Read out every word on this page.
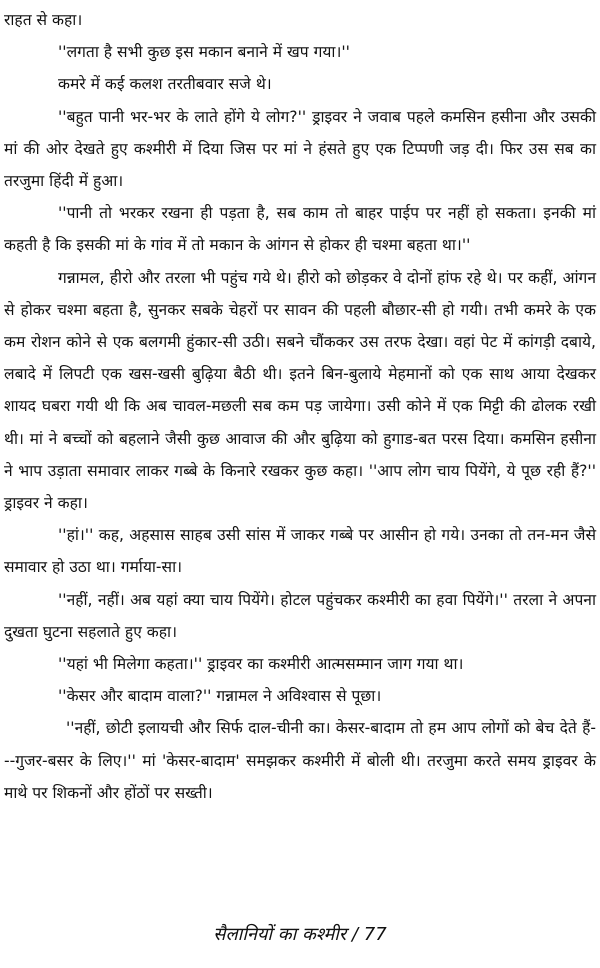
राहत से कहा।

''लगता है सभी कुछ इस मकान बनाने में खप गया।''

कमरे में कई कलश तरतीबवार सजे थे।

''बहुत पानी भर-भर के लाते होंगे ये लोग?'' ड्राइवर ने जवाब पहले कमसिन हसीना और उसकी मां की ओर देखते हुए कश्मीरी में दिया जिस पर मां ने हंसते हुए एक टिप्पणी जड़ दी। फिर उस सब का तरजुमा हिंदी में हुआ।

''पानी तो भरकर रखना ही पड़ता है, सब काम तो बाहर पाईप पर नहीं हो सकता। इनकी मां कहती है कि इसकी मां के गांव में तो मकान के आंगन से होकर ही चश्मा बहता था।''

गन्नामल, हीरो और तरला भी पहुंच गये थे। हीरो को छोड़कर वे दोनों हांफ रहे थे। पर कहीं, आंगन से होकर चश्मा बहता है, सुनकर सबके चेहरों पर सावन की पहली बौछार-सी हो गयी। तभी कमरे के एक कम रोशन कोने से एक बलगमी हुंकार-सी उठी। सबने चौंककर उस तरफ देखा। वहां पेट में कांगड़ी दबाये, लबादे में लिपटी एक खस-खसी बुढ़िया बैठी थी। इतने बिन-बुलाये मेहमानों को एक साथ आया देखकर शायद घबरा गयी थी कि अब चावल-मछली सब कम पड़ जायेगा। उसी कोने में एक मिट्टी की ढोलक रखी थी। मां ने बच्चों को बहलाने जैसी कुछ आवाज की और बुढ़िया को हुगाड-बत परस दिया। कमसिन हसीना ने भाप उड़ाता समावार लाकर गब्बे के किनारे रखकर कुछ कहा। ''आप लोग चाय पियेंगे, ये पूछ रही हैं?'' ड्राइवर ने कहा।

''हां।'' कह, अहसास साहब उसी सांस में जाकर गब्बे पर आसीन हो गये। उनका तो तन-मन जैसे समावार हो उठा था। गर्माया-सा।

''नहीं, नहीं। अब यहां क्या चाय पियेंगे। होटल पहुंचकर कश्मीरी का हवा पियेंगे।'' तरला ने अपना दुखता घुटना सहलाते हुए कहा।

''यहां भी मिलेगा कहता।'' ड्राइवर का कश्मीरी आत्मसम्मान जाग गया था।

''केसर और बादाम वाला?'' गन्नामल ने अविश्वास से पूछा।

''नहीं, छोटी इलायची और सिर्फ दाल-चीनी का। केसर-बादाम तो हम आप लोगों को बेच देते हैं---गुजर-बसर के लिए।'' मां 'केसर-बादाम' समझकर कश्मीरी में बोली थी। तरजुमा करते समय ड्राइवर के माथे पर शिकनों और होंठों पर सख्ती।

सैलानियों का कश्मीर / 77
